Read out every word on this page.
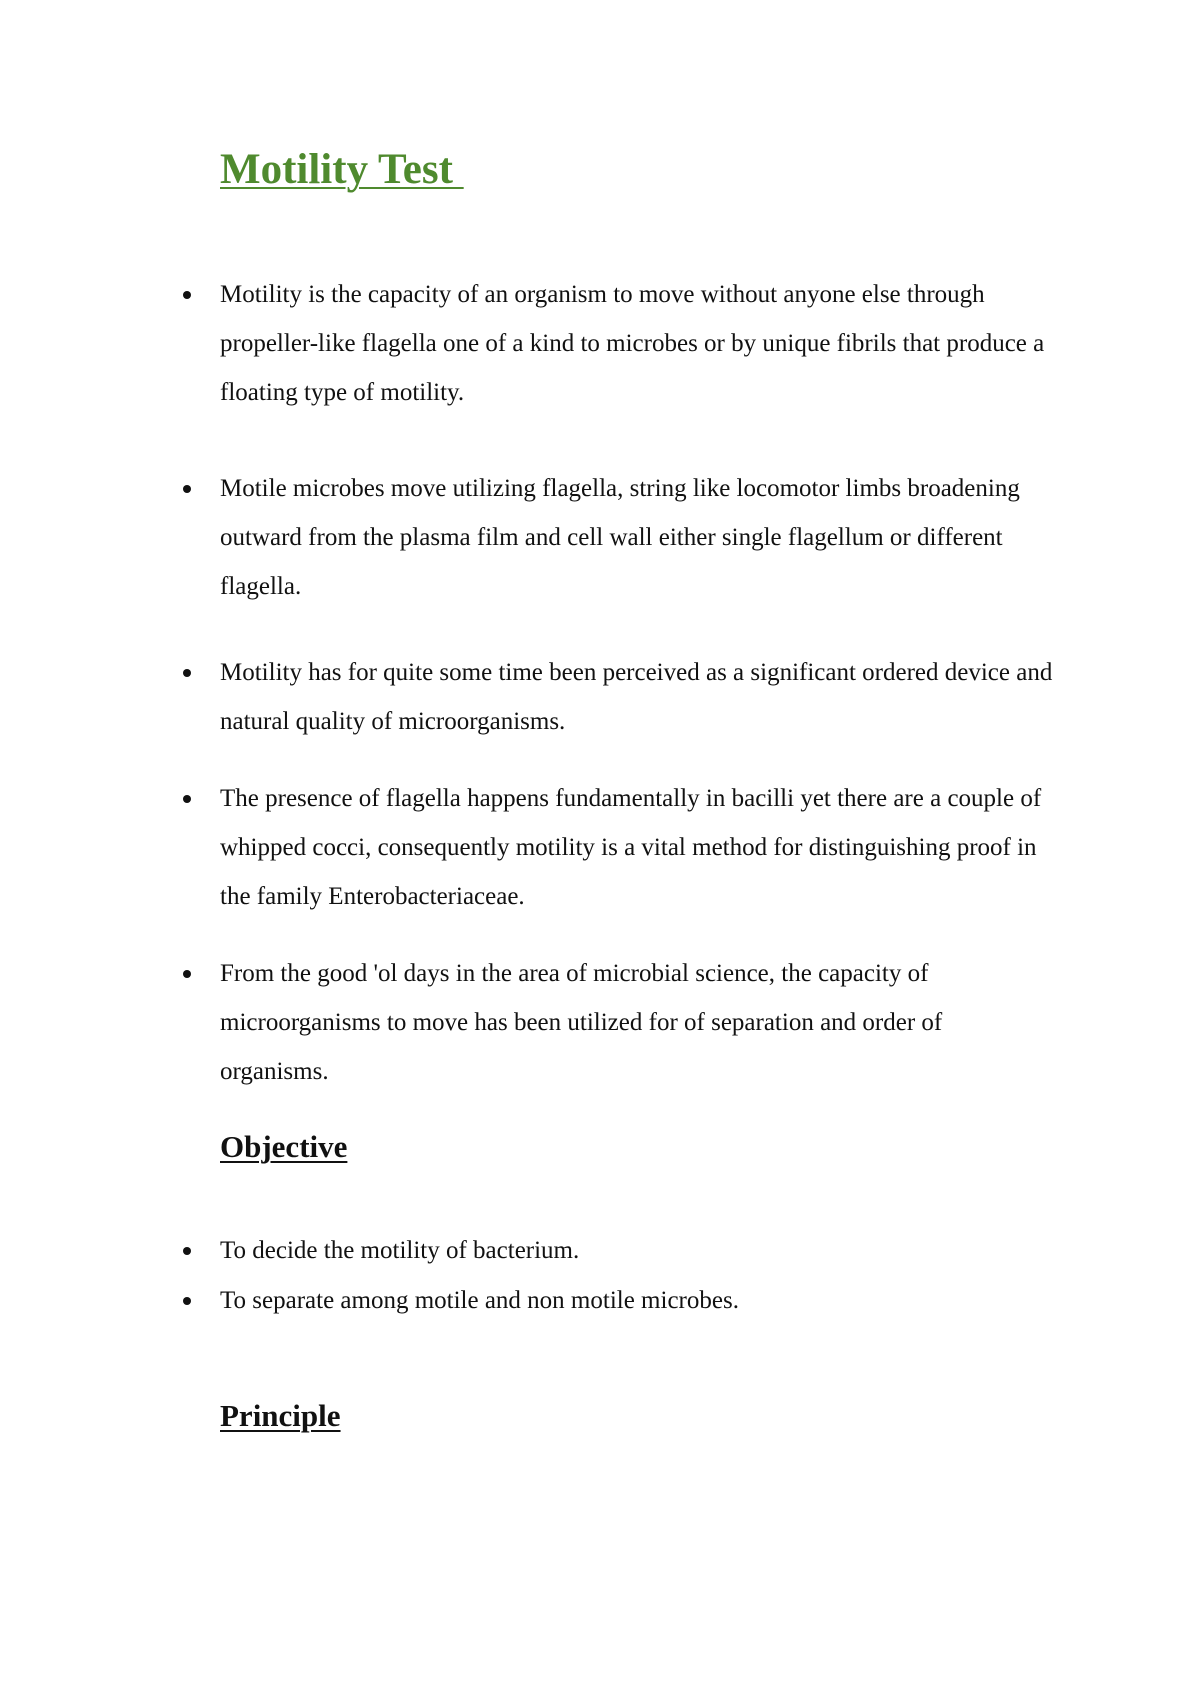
Motility Test
Motility is the capacity of an organism to move without anyone else through propeller-like flagella one of a kind to microbes or by unique fibrils that produce a floating type of motility.
Motile microbes move utilizing flagella, string like locomotor limbs broadening outward from the plasma film and cell wall either single flagellum or different flagella.
Motility has for quite some time been perceived as a significant ordered device and natural quality of microorganisms.
The presence of flagella happens fundamentally in bacilli yet there are a couple of whipped cocci, consequently motility is a vital method for distinguishing proof in the family Enterobacteriaceae.
From the good 'ol days in the area of microbial science, the capacity of microorganisms to move has been utilized for of separation and order of organisms.
Objective
To decide the motility of bacterium.
To separate among motile and non motile microbes.
Principle
